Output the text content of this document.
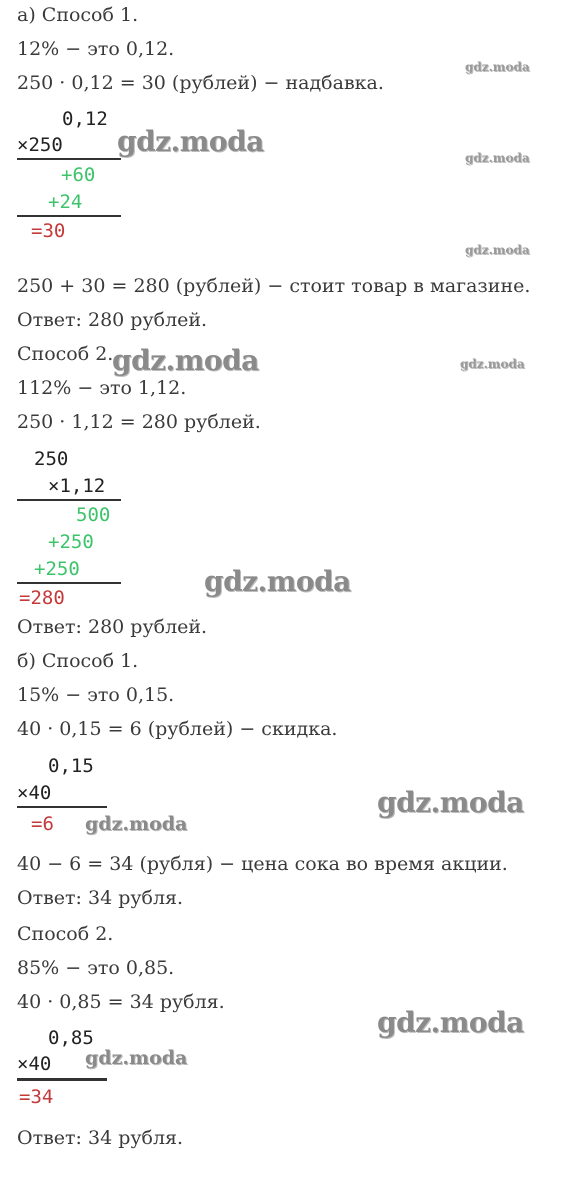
а) Способ 1.
12% − это 0,12.
250 · 0,12 = 30 (рублей) − надбавка.
0,12
×250
+60
+24
=30
250 + 30 = 280 (рублей) − стоит товар в магазине.
Ответ: 280 рублей.
Способ 2.
112% − это 1,12.
250 · 1,12 = 280 рублей.
250
×1,12
500
+250
+250
=280
Ответ: 280 рублей.
б) Способ 1.
15% − это 0,15.
40 · 0,15 = 6 (рублей) − скидка.
0,15
×40
=6
40 − 6 = 34 (рубля) − цена сока во время акции.
Ответ: 34 рубля.
Способ 2.
85% − это 0,85.
40 · 0,85 = 34 рубля.
0,85
×40
=34
Ответ: 34 рубля.
gdz.moda
gdz.moda
gdz.moda
gdz.moda
gdz.moda
gdz.moda
gdz.moda
gdz.moda
gdz.moda
gdz.moda
gdz.moda
